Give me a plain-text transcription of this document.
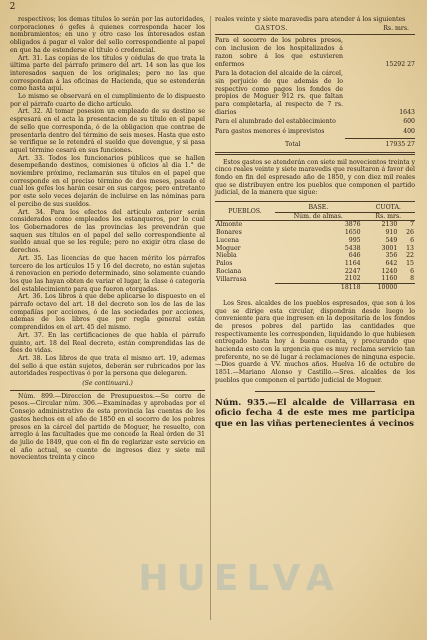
2

respectivos; los demas títulos lo serán por las autoridades, corporaciones ó gefes á quienes corresponda hacer los nombramientos; en uno y otro caso los interesados estan obligados á pagar el valor del sello correspondiente al papel en que ha de estenderse el título ó credencial.

Art. 31. Las copias de los títulos y cédulas de que trata la última parte del párrafo primero del art. 14 son las que los interesados saquen de los originales; pero no las que correspondan á las oficinas de Hacienda, que se estenderán como hasta aquí.

Lo mismo se observará en el cumplimiento de lo dispuesto por el párrafo cuarto de dicho artículo.

Art. 32. Al tomar posesion un empleado de su destino se espresará en el acta la presentacion de su título en el papel de sello que corresponda, ó de la obligacion que contrae de presentarla dentro del término de seis meses. Hasta que esto se verifique se le retendrá el sueldo que devengue, y si pasa aquel término cesará en sus funciones.

Art. 33. Todos los funcionarios públicos que se hallen desempeñando destinos, comisiones ú oficios al dia 1.° de noviembre próximo, reclamarán sus títulos en el papel que corresponde en el preciso término de dos meses, pasado el cual los gefes los harán cesar en sus cargos; pero entretanto por este solo veces dejarán de incluirse en las nóminas para el percibo de sus sueldos.

Art. 34. Para los efectos del artículo anterior serán considerados como empleados los estanqueros, por lo cual los Gobernadores de las provincias les prevendrán que saquen sus títulos en el papel del sello correspondiente al sueldo anual que se les regule; pero no exigir otra clase de derechos.

Art. 35. Las licencias de que hacen mérito los párrafos tercero de los artículos 15 y 16 del decreto, no están sujetas á renovacion en periodo determinado, sino solamente cuando los que las hayan obten de variar el lugar, la clase ó categoría del establecimiento para que fueron otorgadas.

Art. 36. Los libros á que debe aplicarse lo dispuesto en el párrafo octavo del art. 18 del decreto son los de las de las compañías por acciones, ó de las sociedades por acciones, ademas de los libros que por regla general están comprendidos en el art. 45 del mismo.

Art. 37. En las certificaciones de que habla el párrafo quinto, art. 18 del Real decreto, están comprendidas las de fees de vidas.

Art. 38. Los libros de que trata el mismo art. 19, ademas del sello á que están sujetos, deberán ser rubricados por las autoridades respectivas ó por la persona que delegaren.

(Se continuará.)

Núm. 899.—Direccion de Presupuestos.—Se corre de pesos.—Circular núm. 306.—Examinadas y aprobadas por el Consejo administrativo de esta provincia las cuentas de los gastos hechos en el año de 1850 en el socorro de los pobres presos en la cárcel del partido de Moguer, he resuelto, con arreglo á las facultades que me concede la Real órden de 31 de julio de 1849, que con el fin de reglarizar este servicio en el año actual, se cuente de ingresos diez y siete mil novecientos treinta y cinco

reales veinte y siete maravedis para atender á los siguientes

GASTOS.	Rs. mrs.
Para el socorro de los pobres presos, con inclusion de los hospitalizados á razon sobre á los que estuvieren enfermos	15292 27
Para la dotacion del alcaide de la cárcel, sin perjuicio de que además de lo respectivo como pagos los fondos de propios de Moguer 912 rs. que faltan para completarla, al respecto de 7 rs. diarios	1643
Para el alumbrado del establecimiento	600
Para gastos menores é imprevistos	400
Total	17935 27

Estos gastos se atenderán con siete mil novecientos treinta y cinco reales veinte y siete maravedis que resultaron á favor del fondo en fin del espresado año de 1850, y con diez mil reales que se distribuyen entre los pueblos que componen el partido judicial, de la manera que sigue:

PUEBLOS.	BASE.	CUOTA.	
	Núm. de almas.	Rs. mrs.	
Almonte	3876	2130	7
Bonares	1650	910	26
Lucena	995	549	6
Moguer	5438	3001	13
Niebla	646	356	22
Palos	1164	642	15
Rociana	2247	1240	6
Villarrasa	2102	1160	8
	18118	10000	

Los Sres. alcaldes de los pueblos espresados, que son á los que se dirige esta circular, dispondrán desde luego lo conveniente para que ingresen en la depositaría de los fondos de presos pobres del partido las cantidades que respectivamente les corresponden, liquidando lo que hubiesen entregado hasta hoy á buena cuenta, y procurando que hacienda esto con la urgencia que es muy reclama servicio tan preferente, no se dé lugar á reclamaciones de ninguna especie.—Dios guarde á VV. muchos años. Huelva 16 de octubre de 1851.—Mariano Alonso y Castillo.—Sres. alcaldes de los pueblos que componen el partido judicial de Moguer.

Núm. 935.—El alcalde de Villarrasa en oficio fecha 4 de este mes me participa que en las viñas pertenecientes á vecinos

HUELVA
